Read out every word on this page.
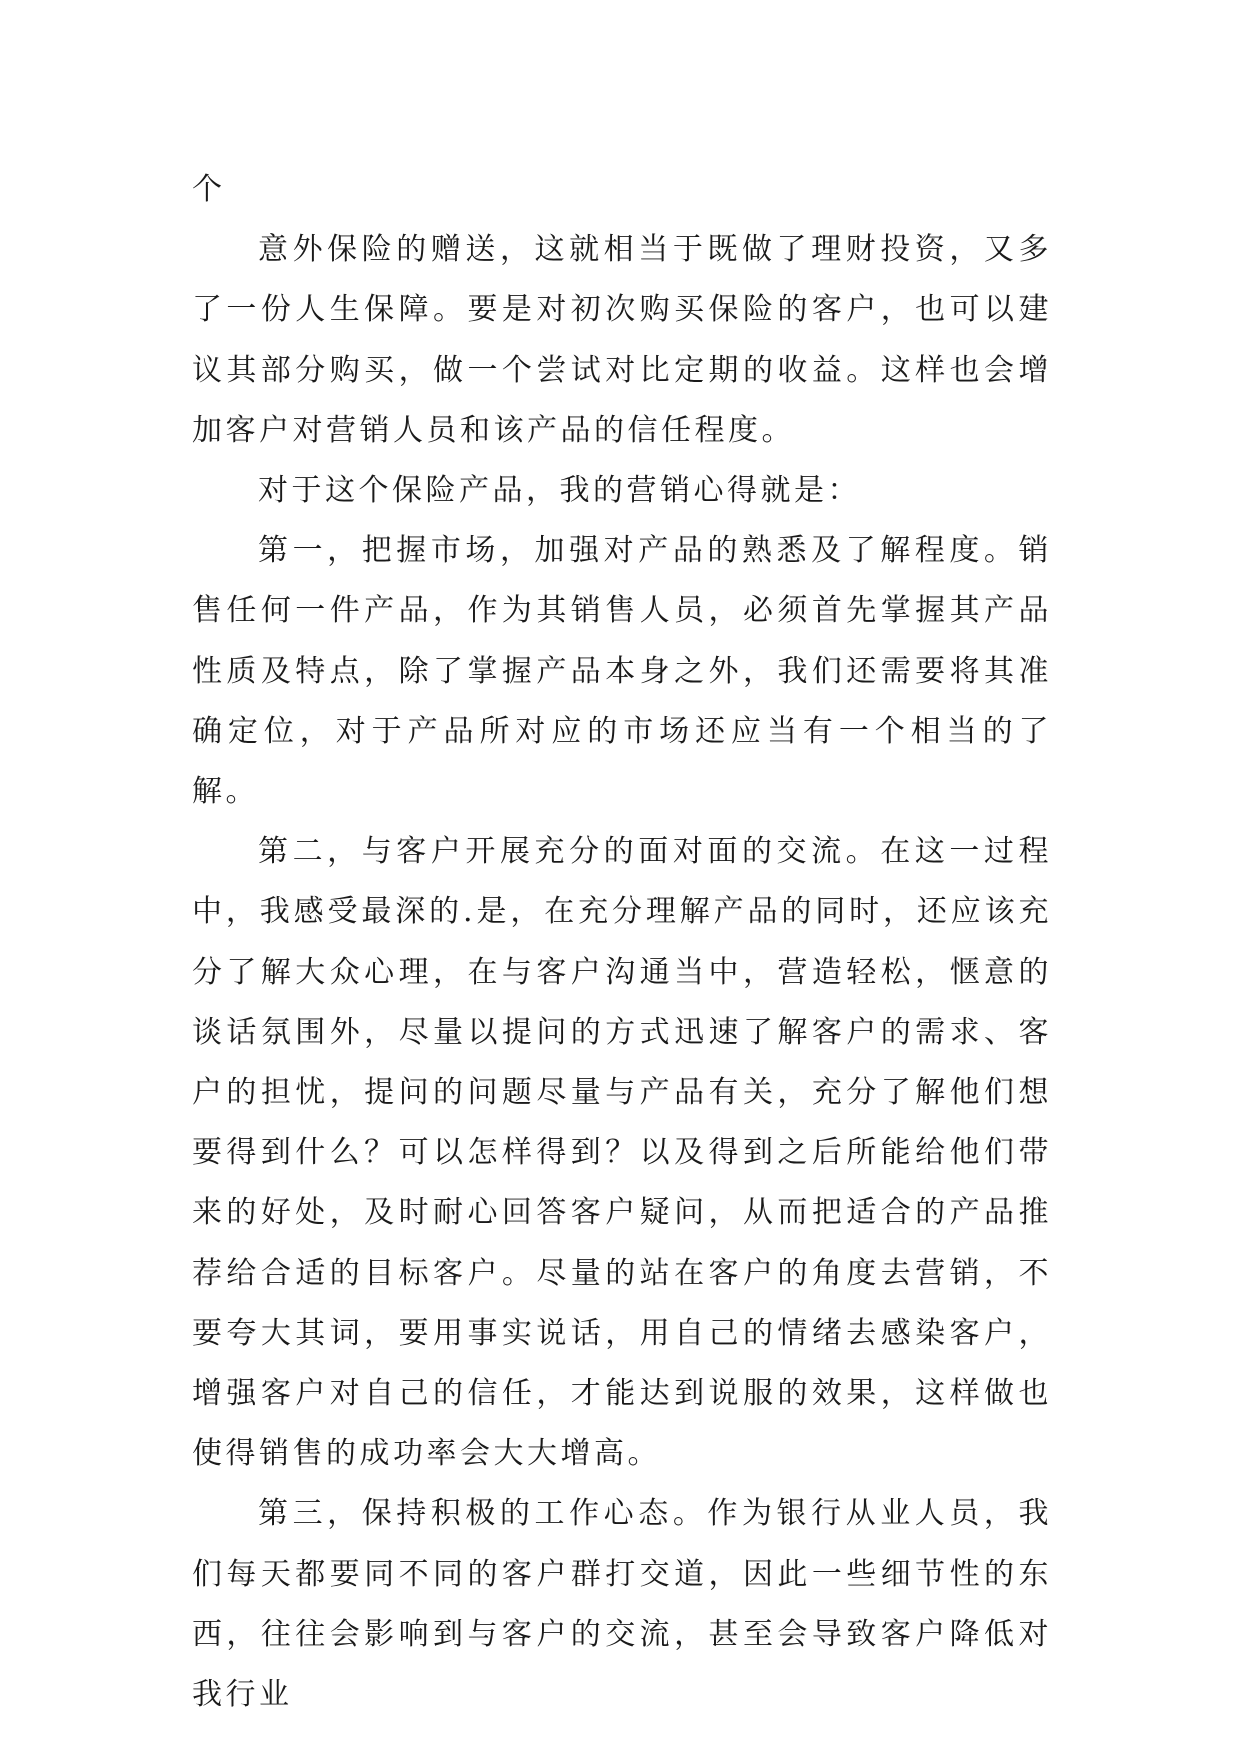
个

意外保险的赠送，这就相当于既做了理财投资，又多了一份人生保障。要是对初次购买保险的客户，也可以建议其部分购买，做一个尝试对比定期的收益。这样也会增加客户对营销人员和该产品的信任程度。

对于这个保险产品，我的营销心得就是：

第一，把握市场，加强对产品的熟悉及了解程度。销售任何一件产品，作为其销售人员，必须首先掌握其产品性质及特点，除了掌握产品本身之外，我们还需要将其准确定位，对于产品所对应的市场还应当有一个相当的了解。

第二，与客户开展充分的面对面的交流。在这一过程中，我感受最深的.是，在充分理解产品的同时，还应该充分了解大众心理，在与客户沟通当中，营造轻松，惬意的谈话氛围外，尽量以提问的方式迅速了解客户的需求、客户的担忧，提问的问题尽量与产品有关，充分了解他们想要得到什么？可以怎样得到？以及得到之后所能给他们带来的好处，及时耐心回答客户疑问，从而把适合的产品推荐给合适的目标客户。尽量的站在客户的角度去营销，不要夸大其词，要用事实说话，用自己的情绪去感染客户，增强客户对自己的信任，才能达到说服的效果，这样做也使得销售的成功率会大大增高。

第三，保持积极的工作心态。作为银行从业人员，我们每天都要同不同的客户群打交道，因此一些细节性的东西，往往会影响到与客户的交流，甚至会导致客户降低对我行业
